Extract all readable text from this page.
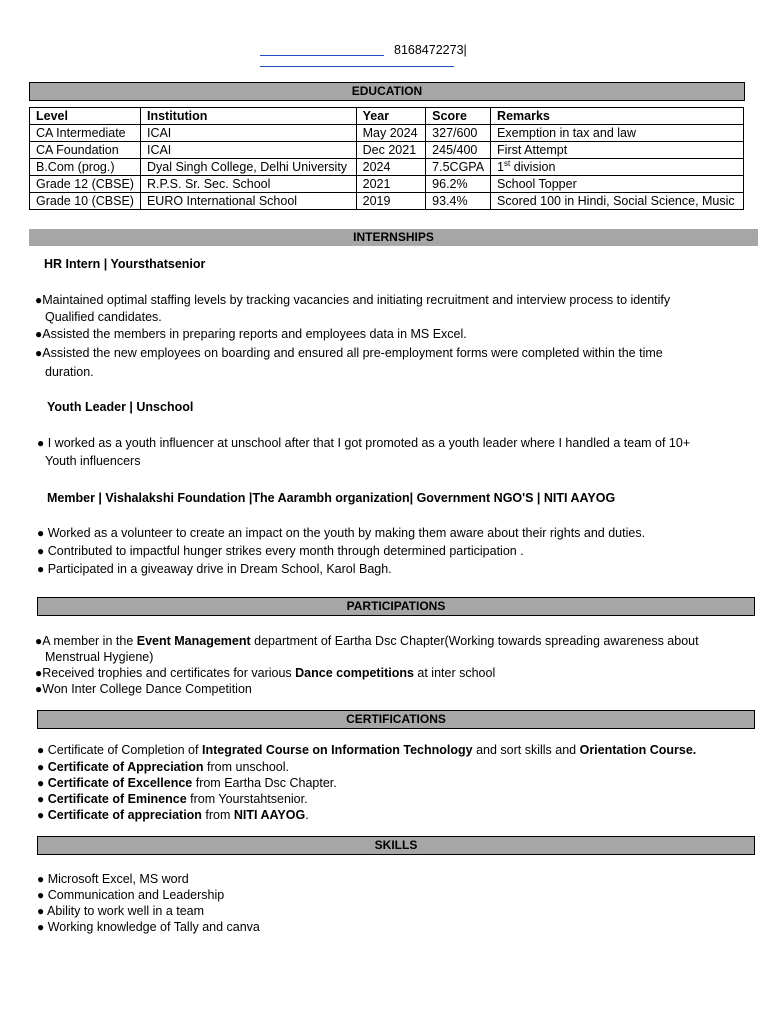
8168472273|
EDUCATION
Level	Institution	Year	Score	Remarks
CA Intermediate	ICAI	May 2024	327/600	Exemption in tax and law
CA Foundation	ICAI	Dec 2021	245/400	First Attempt
B.Com (prog.)	Dyal Singh College, Delhi University	2024	7.5CGPA	1st division
Grade 12 (CBSE)	R.P.S. Sr. Sec. School	2021	96.2%	School Topper
Grade 10 (CBSE)	EURO International School	2019	93.4%	Scored 100 in Hindi, Social Science, Music
INTERNSHIPS
HR Intern | Yoursthatsenior
●Maintained optimal staffing levels by tracking vacancies and initiating recruitment and interview process to identify
Qualified candidates.
●Assisted the members in preparing reports and employees data in MS Excel.
●Assisted the new employees on boarding and ensured all pre-employment forms were completed within the time
duration.
Youth Leader | Unschool
● I worked as a youth influencer at unschool after that I got promoted as a youth leader where I handled a team of 10+
Youth influencers
Member | Vishalakshi Foundation |The Aarambh organization| Government NGO'S | NITI AAYOG
● Worked as a volunteer to create an impact on the youth by making them aware about their rights and duties.
● Contributed to impactful hunger strikes every month through determined participation .
● Participated in a giveaway drive in Dream School, Karol Bagh.
PARTICIPATIONS
●A member in the Event Management department of Eartha Dsc Chapter(Working towards spreading awareness about
Menstrual Hygiene)
●Received trophies and certificates for various Dance competitions at inter school
●Won Inter College Dance Competition
CERTIFICATIONS
● Certificate of Completion of Integrated Course on Information Technology and sort skills and Orientation Course.
● Certificate of Appreciation from unschool.
● Certificate of Excellence from Eartha Dsc Chapter.
● Certificate of Eminence from Yourstahtsenior.
● Certificate of appreciation from NITI AAYOG.
SKILLS
● Microsoft Excel, MS word
● Communication and Leadership
● Ability to work well in a team
● Working knowledge of Tally and canva
